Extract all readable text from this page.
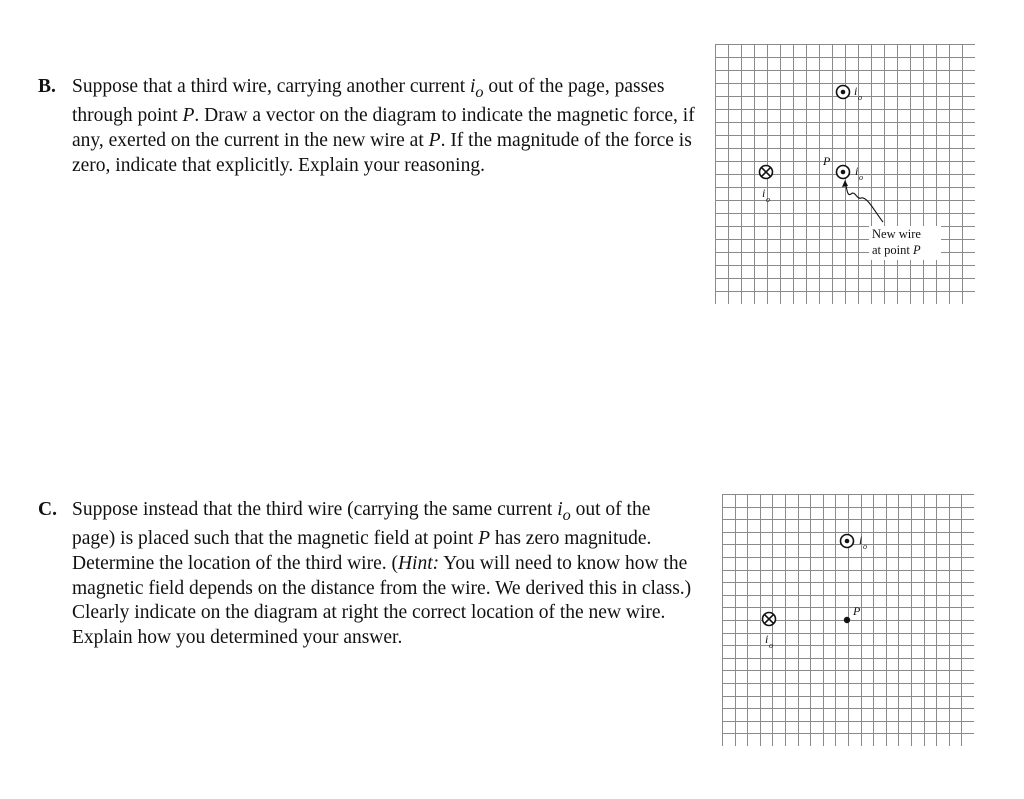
B. Suppose that a third wire, carrying another current $i_o$ out of the page, passes through point P. Draw a vector on the diagram to indicate the magnetic force, if any, exerted on the current in the new wire at P. If the magnitude of the force is zero, indicate that explicitly. Explain your reasoning.
C. Suppose instead that the third wire (carrying the same current $i_o$ out of the page) is placed such that the magnetic field at point P has zero magnitude. Determine the location of the third wire. (Hint: You will need to know how the magnetic field depends on the distance from the wire. We derived this in class.) Clearly indicate on the diagram at right the correct location of the new wire. Explain how you determined your answer.
i o
i o
P
i o
New wire
at point P
i o
i o
P
